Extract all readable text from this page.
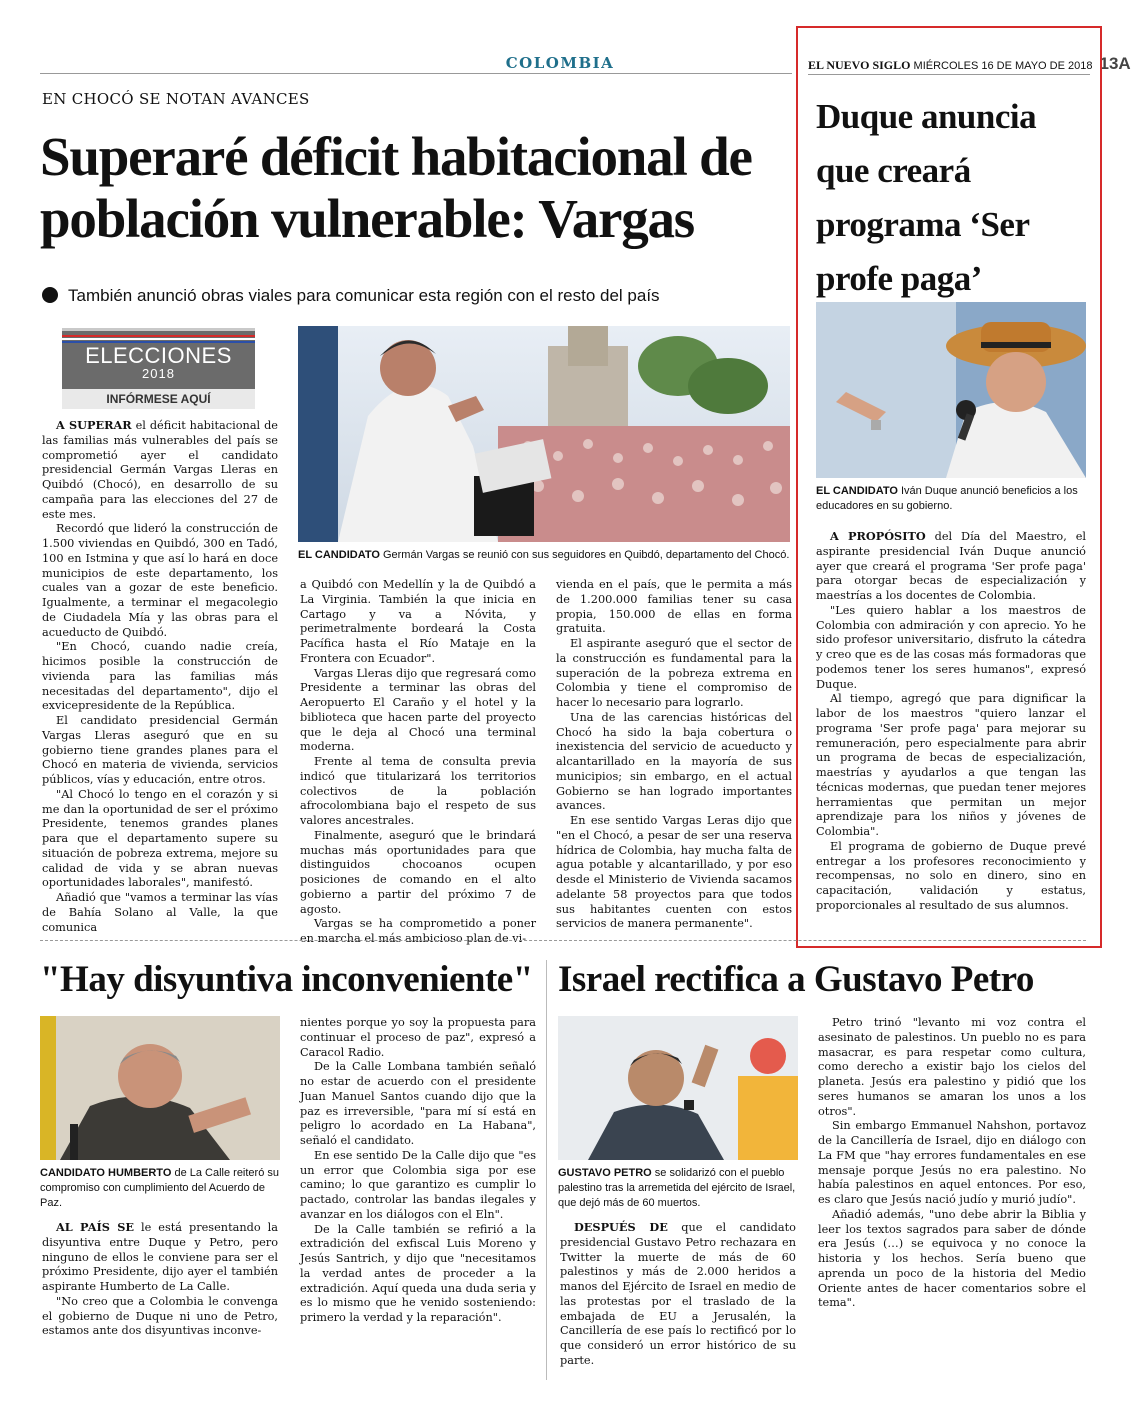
COLOMBIA	EL NUEVO SIGLO MIÉRCOLES 16 DE MAYO DE 2018 13A
EN CHOCÓ SE NOTAN AVANCES
Superaré déficit habitacional de
población vulnerable: Vargas
También anunció obras viales para comunicar esta región con el resto del país
ELECCIONES
2018
INFÓRMESE AQUÍ
EL CANDIDATO Germán Vargas se reunió con sus seguidores en Quibdó, departamento del Chocó.

A SUPERAR el déficit habitacional de las familias más vulnerables del país se comprometió ayer el candidato presidencial Germán Vargas Lleras en Quibdó (Chocó), en desarrollo de su campaña para las elecciones del 27 de este mes.

Recordó que lideró la construcción de 1.500 viviendas en Quibdó, 300 en Tadó, 100 en Istmina y que así lo hará en doce municipios de este departamento, los cuales van a gozar de este beneficio. Igualmente, a terminar el megacolegio de Ciudadela Mía y las obras para el acueducto de Quibdó.

"En Chocó, cuando nadie creía, hicimos posible la construcción de vivienda para las familias más necesitadas del departamento", dijo el exvicepresidente de la República.

El candidato presidencial Germán Vargas Lleras aseguró que en su gobierno tiene grandes planes para el Chocó en materia de vivienda, servicios públicos, vías y educación, entre otros.

"Al Chocó lo tengo en el corazón y si me dan la oportunidad de ser el próximo Presidente, tenemos grandes planes para que el departamento supere su situación de pobreza extrema, mejore su calidad de vida y se abran nuevas oportunidades laborales", manifestó.

Añadió que "vamos a terminar las vías de Bahía Solano al Valle, la que comunica

a Quibdó con Medellín y la de Quibdó a La Virginia. También la que inicia en Cartago y va a Nóvita, y perimetralmente bordeará la Costa Pacífica hasta el Río Mataje en la Frontera con Ecuador".

Vargas Lleras dijo que regresará como Presidente a terminar las obras del Aeropuerto El Caraño y el hotel y la biblioteca que hacen parte del proyecto que le deja al Chocó una terminal moderna.

Frente al tema de consulta previa indicó que titularizará los territorios colectivos de la población afrocolombiana bajo el respeto de sus valores ancestrales.

Finalmente, aseguró que le brindará muchas más oportunidades para que distinguidos chocoanos ocupen posiciones de comando en el alto gobierno a partir del próximo 7 de agosto.

Vargas se ha comprometido a poner en marcha el más ambicioso plan de vi-

vienda en el país, que le permita a más de 1.200.000 familias tener su casa propia, 150.000 de ellas en forma gratuita.

El aspirante aseguró que el sector de la construcción es fundamental para la superación de la pobreza extrema en Colombia y tiene el compromiso de hacer lo necesario para lograrlo.

Una de las carencias históricas del Chocó ha sido la baja cobertura o inexistencia del servicio de acueducto y alcantarillado en la mayoría de sus municipios; sin embargo, en el actual Gobierno se han logrado importantes avances.

En ese sentido Vargas Leras dijo que "en el Chocó, a pesar de ser una reserva hídrica de Colombia, hay mucha falta de agua potable y alcantarillado, y por eso desde el Ministerio de Vivienda sacamos adelante 58 proyectos para que todos sus habitantes cuenten con estos servicios de manera permanente".

Duque anuncia
que creará
programa ‘Ser
profe paga’
EL CANDIDATO Iván Duque anunció beneficios a los educadores en su gobierno.

A PROPÓSITO del Día del Maestro, el aspirante presidencial Iván Duque anunció ayer que creará el programa 'Ser profe paga' para otorgar becas de especialización y maestrías a los docentes de Colombia.

"Les quiero hablar a los maestros de Colombia con admiración y con aprecio. Yo he sido profesor universitario, disfruto la cátedra y creo que es de las cosas más formadoras que podemos tener los seres humanos", expresó Duque.

Al tiempo, agregó que para dignificar la labor de los maestros "quiero lanzar el programa 'Ser profe paga' para mejorar su remuneración, pero especialmente para abrir un programa de becas de especialización, maestrías y ayudarlos a que tengan las técnicas modernas, que puedan tener mejores herramientas que permitan un mejor aprendizaje para los niños y jóvenes de Colombia".

El programa de gobierno de Duque prevé entregar a los profesores reconocimiento y recompensas, no solo en dinero, sino en capacitación, validación y estatus, proporcionales al resultado de sus alumnos.

"Hay disyuntiva inconveniente"
CANDIDATO HUMBERTO de La Calle reiteró su compromiso con cumplimiento del Acuerdo de Paz.

AL PAÍS SE le está presentando la disyuntiva entre Duque y Petro, pero ninguno de ellos le conviene para ser el próximo Presidente, dijo ayer el también aspirante Humberto de La Calle.

"No creo que a Colombia le convenga el gobierno de Duque ni uno de Petro, estamos ante dos disyuntivas inconve-

nientes porque yo soy la propuesta para continuar el proceso de paz", expresó a Caracol Radio.

De la Calle Lombana también señaló no estar de acuerdo con el presidente Juan Manuel Santos cuando dijo que la paz es irreversible, "para mí sí está en peligro lo acordado en La Habana", señaló el candidato.

En ese sentido De la Calle dijo que "es un error que Colombia siga por ese camino; lo que garantizo es cumplir lo pactado, controlar las bandas ilegales y avanzar en los diálogos con el Eln".

De la Calle también se refirió a la extradición del exfiscal Luis Moreno y Jesús Santrich, y dijo que "necesitamos la verdad antes de proceder a la extradición. Aquí queda una duda seria y es lo mismo que he venido sosteniendo: primero la verdad y la reparación".

Israel rectifica a Gustavo Petro
GUSTAVO PETRO se solidarizó con el pueblo palestino tras la arremetida del ejército de Israel, que dejó más de 60 muertos.

DESPUÉS DE que el candidato presidencial Gustavo Petro rechazara en Twitter la muerte de más de 60 palestinos y más de 2.000 heridos a manos del Ejército de Israel en medio de las protestas por el traslado de la embajada de EU a Jerusalén, la Cancillería de ese país lo rectificó por lo que consideró un error histórico de su parte.

Petro trinó "levanto mi voz contra el asesinato de palestinos. Un pueblo no es para masacrar, es para respetar como cultura, como derecho a existir bajo los cielos del planeta. Jesús era palestino y pidió que los seres humanos se amaran los unos a los otros".

Sin embargo Emmanuel Nahshon, portavoz de la Cancillería de Israel, dijo en diálogo con La FM que "hay errores fundamentales en ese mensaje porque Jesús no era palestino. No había palestinos en aquel entonces. Por eso, es claro que Jesús nació judío y murió judío".

Añadió además, "uno debe abrir la Biblia y leer los textos sagrados para saber de dónde era Jesús (…) se equivoca y no conoce la historia y los hechos. Sería bueno que aprenda un poco de la historia del Medio Oriente antes de hacer comentarios sobre el tema".
